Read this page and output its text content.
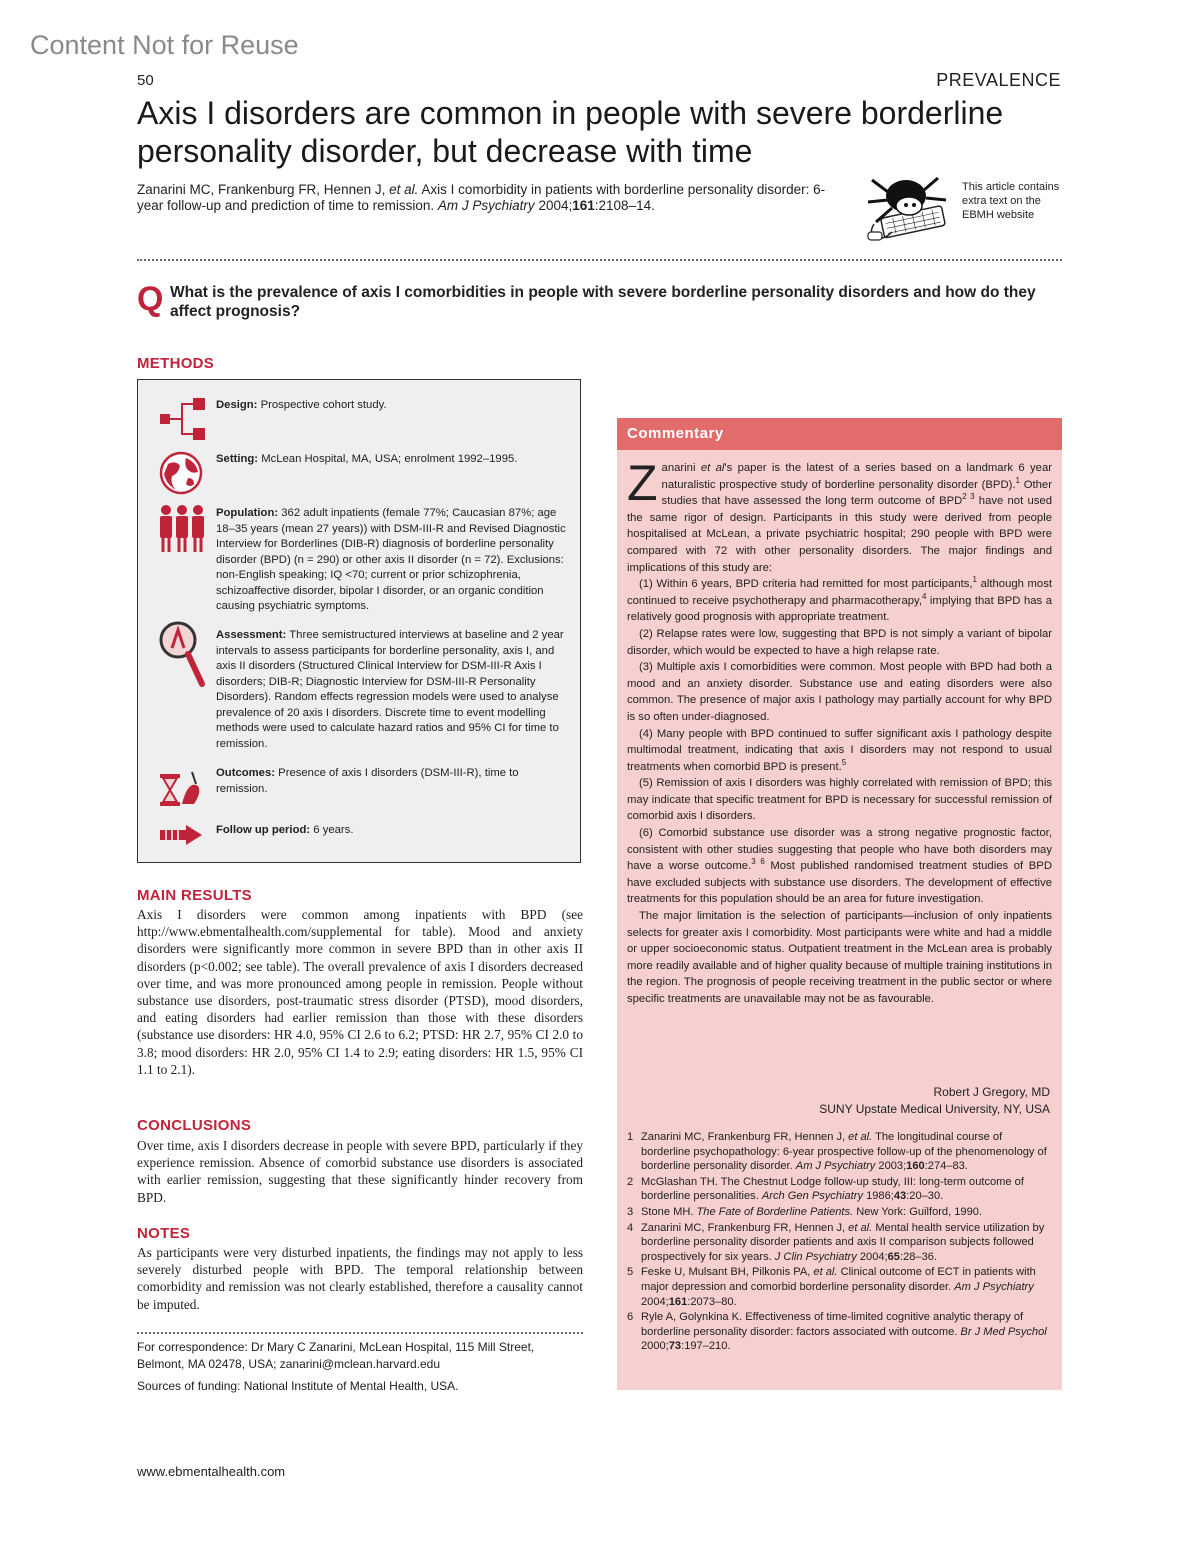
Content Not for Reuse
50	PREVALENCE
Axis I disorders are common in people with severe borderline personality disorder, but decrease with time
Zanarini MC, Frankenburg FR, Hennen J, et al. Axis I comorbidity in patients with borderline personality disorder: 6-year follow-up and prediction of time to remission. Am J Psychiatry 2004;161:2108–14.
This article contains extra text on the EBMH website
Q What is the prevalence of axis I comorbidities in people with severe borderline personality disorders and how do they affect prognosis?
METHODS
Design: Prospective cohort study.
Setting: McLean Hospital, MA, USA; enrolment 1992–1995.
Population: 362 adult inpatients (female 77%; Caucasian 87%; age 18–35 years (mean 27 years)) with DSM-III-R and Revised Diagnostic Interview for Borderlines (DIB-R) diagnosis of borderline personality disorder (BPD) (n = 290) or other axis II disorder (n = 72). Exclusions: non-English speaking; IQ <70; current or prior schizophrenia, schizoaffective disorder, bipolar I disorder, or an organic condition causing psychiatric symptoms.
Assessment: Three semistructured interviews at baseline and 2 year intervals to assess participants for borderline personality, axis I, and axis II disorders (Structured Clinical Interview for DSM-III-R Axis I disorders; DIB-R; Diagnostic Interview for DSM-III-R Personality Disorders). Random effects regression models were used to analyse prevalence of 20 axis I disorders. Discrete time to event modelling methods were used to calculate hazard ratios and 95% CI for time to remission.
Outcomes: Presence of axis I disorders (DSM-III-R), time to remission.
Follow up period: 6 years.
MAIN RESULTS

Axis I disorders were common among inpatients with BPD (see http://www.ebmentalhealth.com/supplemental for table). Mood and anxiety disorders were significantly more common in severe BPD than in other axis II disorders (p<0.002; see table). The overall prevalence of axis I disorders decreased over time, and was more pronounced among people in remission. People without substance use disorders, post-traumatic stress disorder (PTSD), mood disorders, and eating disorders had earlier remission than those with these disorders (substance use disorders: HR 4.0, 95% CI 2.6 to 6.2; PTSD: HR 2.7, 95% CI 2.0 to 3.8; mood disorders: HR 2.0, 95% CI 1.4 to 2.9; eating disorders: HR 1.5, 95% CI 1.1 to 2.1).

CONCLUSIONS

Over time, axis I disorders decrease in people with severe BPD, particularly if they experience remission. Absence of comorbid substance use disorders is associated with earlier remission, suggesting that these significantly hinder recovery from BPD.

NOTES

As participants were very disturbed inpatients, the findings may not apply to less severely disturbed people with BPD. The temporal relationship between comorbidity and remission was not clearly established, therefore a causality cannot be imputed.

For correspondence: Dr Mary C Zanarini, McLean Hospital, 115 Mill Street, Belmont, MA 02478, USA; zanarini@mclean.harvard.edu
Sources of funding: National Institute of Mental Health, USA.
www.ebmentalhealth.com
Commentary

Zanarini et al's paper is the latest of a series based on a landmark 6 year naturalistic prospective study of borderline personality disorder (BPD).$^1$ Other studies that have assessed the long term outcome of $BPD^{2 3}$ have not used the same rigor of design. Participants in this study were derived from people hospitalised at McLean, a private psychiatric hospital; 290 people with BPD were compared with 72 with other personality disorders. The major findings and implications of this study are:

(1) Within 6 years, BPD criteria had remitted for most participants,$^1$ although most continued to receive psychotherapy and pharmacotherapy,$^4$ implying that BPD has a relatively good prognosis with appropriate treatment.

(2) Relapse rates were low, suggesting that BPD is not simply a variant of bipolar disorder, which would be expected to have a high relapse rate.

(3) Multiple axis I comorbidities were common. Most people with BPD had both a mood and an anxiety disorder. Substance use and eating disorders were also common. The presence of major axis I pathology may partially account for why BPD is so often under-diagnosed.

(4) Many people with BPD continued to suffer significant axis I pathology despite multimodal treatment, indicating that axis I disorders may not respond to usual treatments when comorbid BPD is present.$^5$

(5) Remission of axis I disorders was highly correlated with remission of BPD; this may indicate that specific treatment for BPD is necessary for successful remission of comorbid axis I disorders.

(6) Comorbid substance use disorder was a strong negative prognostic factor, consistent with other studies suggesting that people who have both disorders may have a worse outcome.$^{3 6}$ Most published randomised treatment studies of BPD have excluded subjects with substance use disorders. The development of effective treatments for this population should be an area for future investigation.

The major limitation is the selection of participants—inclusion of only inpatients selects for greater axis I comorbidity. Most participants were white and had a middle or upper socioeconomic status. Outpatient treatment in the McLean area is probably more readily available and of higher quality because of multiple training institutions in the region. The prognosis of people receiving treatment in the public sector or where specific treatments are unavailable may not be as favourable.

Robert J Gregory, MD
SUNY Upstate Medical University, NY, USA
1 Zanarini MC, Frankenburg FR, Hennen J, et al. The longitudinal course of borderline psychopathology: 6-year prospective follow-up of the phenomenology of borderline personality disorder. Am J Psychiatry 2003;160:274–83.
2 McGlashan TH. The Chestnut Lodge follow-up study, III: long-term outcome of borderline personalities. Arch Gen Psychiatry 1986;43:20–30.
3 Stone MH. The Fate of Borderline Patients. New York: Guilford, 1990.
4 Zanarini MC, Frankenburg FR, Hennen J, et al. Mental health service utilization by borderline personality disorder patients and axis II comparison subjects followed prospectively for six years. J Clin Psychiatry 2004;65:28–36.
5 Feske U, Mulsant BH, Pilkonis PA, et al. Clinical outcome of ECT in patients with major depression and comorbid borderline personality disorder. Am J Psychiatry 2004;161:2073–80.
6 Ryle A, Golynkina K. Effectiveness of time-limited cognitive analytic therapy of borderline personality disorder: factors associated with outcome. Br J Med Psychol 2000;73:197–210.
